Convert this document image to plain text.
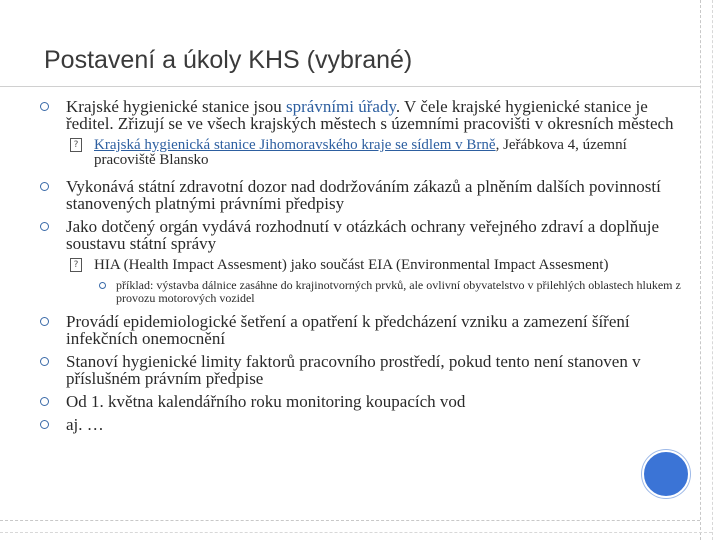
Postavení a úkoly KHS (vybrané)
Krajské hygienické stanice jsou správními úřady. V čele krajské hygienické stanice je ředitel. Zřizují se ve všech krajských městech s územními pracovišti v okresních městech
? Krajská hygienická stanice Jihomoravského kraje se sídlem v Brně, Jeřábkova 4, územní pracoviště Blansko
Vykonává státní zdravotní dozor nad dodržováním zákazů a plněním dalších povinností stanovených platnými právními předpisy
Jako dotčený orgán vydává rozhodnutí v otázkách ochrany veřejného zdraví a doplňuje soustavu státní správy
? HIA (Health Impact Assesment) jako součást EIA (Environmental Impact Assesment)
příklad: výstavba dálnice zasáhne do krajinotvorných prvků, ale ovlivní obyvatelstvo v přilehlých oblastech hlukem z provozu motorových vozidel
Provádí epidemiologické šetření a opatření k předcházení vzniku a zamezení šíření infekčních onemocnění
Stanoví hygienické limity faktorů pracovního prostředí, pokud tento není stanoven v příslušném právním předpise
Od 1. května kalendářního roku monitoring koupacích vod
aj. …
